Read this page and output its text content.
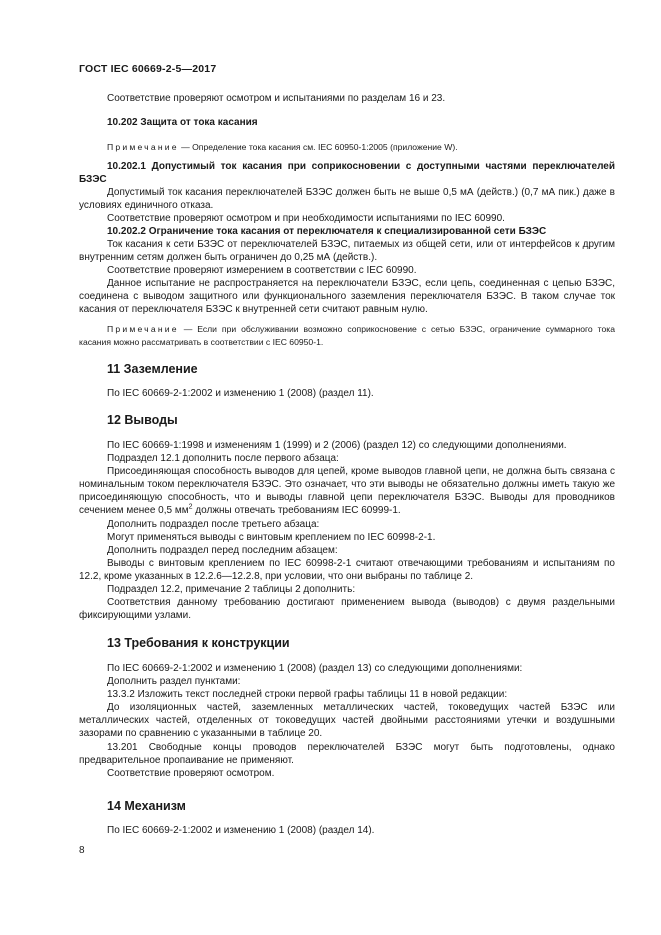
ГОСТ IEC 60669-2-5—2017
Соответствие проверяют осмотром и испытаниями по разделам 16 и 23.
10.202 Защита от тока касания
Примечание — Определение тока касания см. IEC 60950-1:2005 (приложение W).
10.202.1 Допустимый ток касания при соприкосновении с доступными частями переключателей БЗЭС
Допустимый ток касания переключателей БЗЭС должен быть не выше 0,5 мА (действ.) (0,7 мА пик.) даже в условиях единичного отказа.
Соответствие проверяют осмотром и при необходимости испытаниями по IEC 60990.
10.202.2 Ограничение тока касания от переключателя к специализированной сети БЗЭС
Ток касания к сети БЗЭС от переключателей БЗЭС, питаемых из общей сети, или от интерфейсов к другим внутренним сетям должен быть ограничен до 0,25 мА (действ.).
Соответствие проверяют измерением в соответствии с IEC 60990.
Данное испытание не распространяется на переключатели БЗЭС, если цепь, соединенная с цепью БЗЭС, соединена с выводом защитного или функционального заземления переключателя БЗЭС. В таком случае ток касания от переключателя БЗЭС к внутренней сети считают равным нулю.
Примечание — Если при обслуживании возможно соприкосновение с сетью БЗЭС, ограничение суммарного тока касания можно рассматривать в соответствии с IEC 60950-1.
11 Заземление
По IEC 60669-2-1:2002 и изменению 1 (2008) (раздел 11).
12 Выводы
По IEC 60669-1:1998 и изменениям 1 (1999) и 2 (2006) (раздел 12) со следующими дополнениями.
Подраздел 12.1 дополнить после первого абзаца:
Присоединяющая способность выводов для цепей, кроме выводов главной цепи, не должна быть связана с номинальным током переключателя БЗЭС. Это означает, что эти выводы не обязательно должны иметь такую же присоединяющую способность, что и выводы главной цепи переключателя БЗЭС. Выводы для проводников сечением менее 0,5 $мм^2$ должны отвечать требованиям IEC 60999-1.
Дополнить подраздел после третьего абзаца:
Могут применяться выводы с винтовым креплением по IEC 60998-2-1.
Дополнить подраздел перед последним абзацем:
Выводы с винтовым креплением по IEC 60998-2-1 считают отвечающими требованиям и испытаниям по 12.2, кроме указанных в 12.2.6—12.2.8, при условии, что они выбраны по таблице 2.
Подраздел 12.2, примечание 2 таблицы 2 дополнить:
Соответствия данному требованию достигают применением вывода (выводов) с двумя раздельными фиксирующими узлами.
13 Требования к конструкции
По IEC 60669-2-1:2002 и изменению 1 (2008) (раздел 13) со следующими дополнениями:
Дополнить раздел пунктами:
13.3.2 Изложить текст последней строки первой графы таблицы 11 в новой редакции:
До изоляционных частей, заземленных металлических частей, токоведущих частей БЗЭС или металлических частей, отделенных от токоведущих частей двойными расстояниями утечки и воздушными зазорами по сравнению с указанными в таблице 20.
13.201 Свободные концы проводов переключателей БЗЭС могут быть подготовлены, однако предварительное пропаивание не применяют.
Соответствие проверяют осмотром.
14 Механизм
По IEC 60669-2-1:2002 и изменению 1 (2008) (раздел 14).
8
